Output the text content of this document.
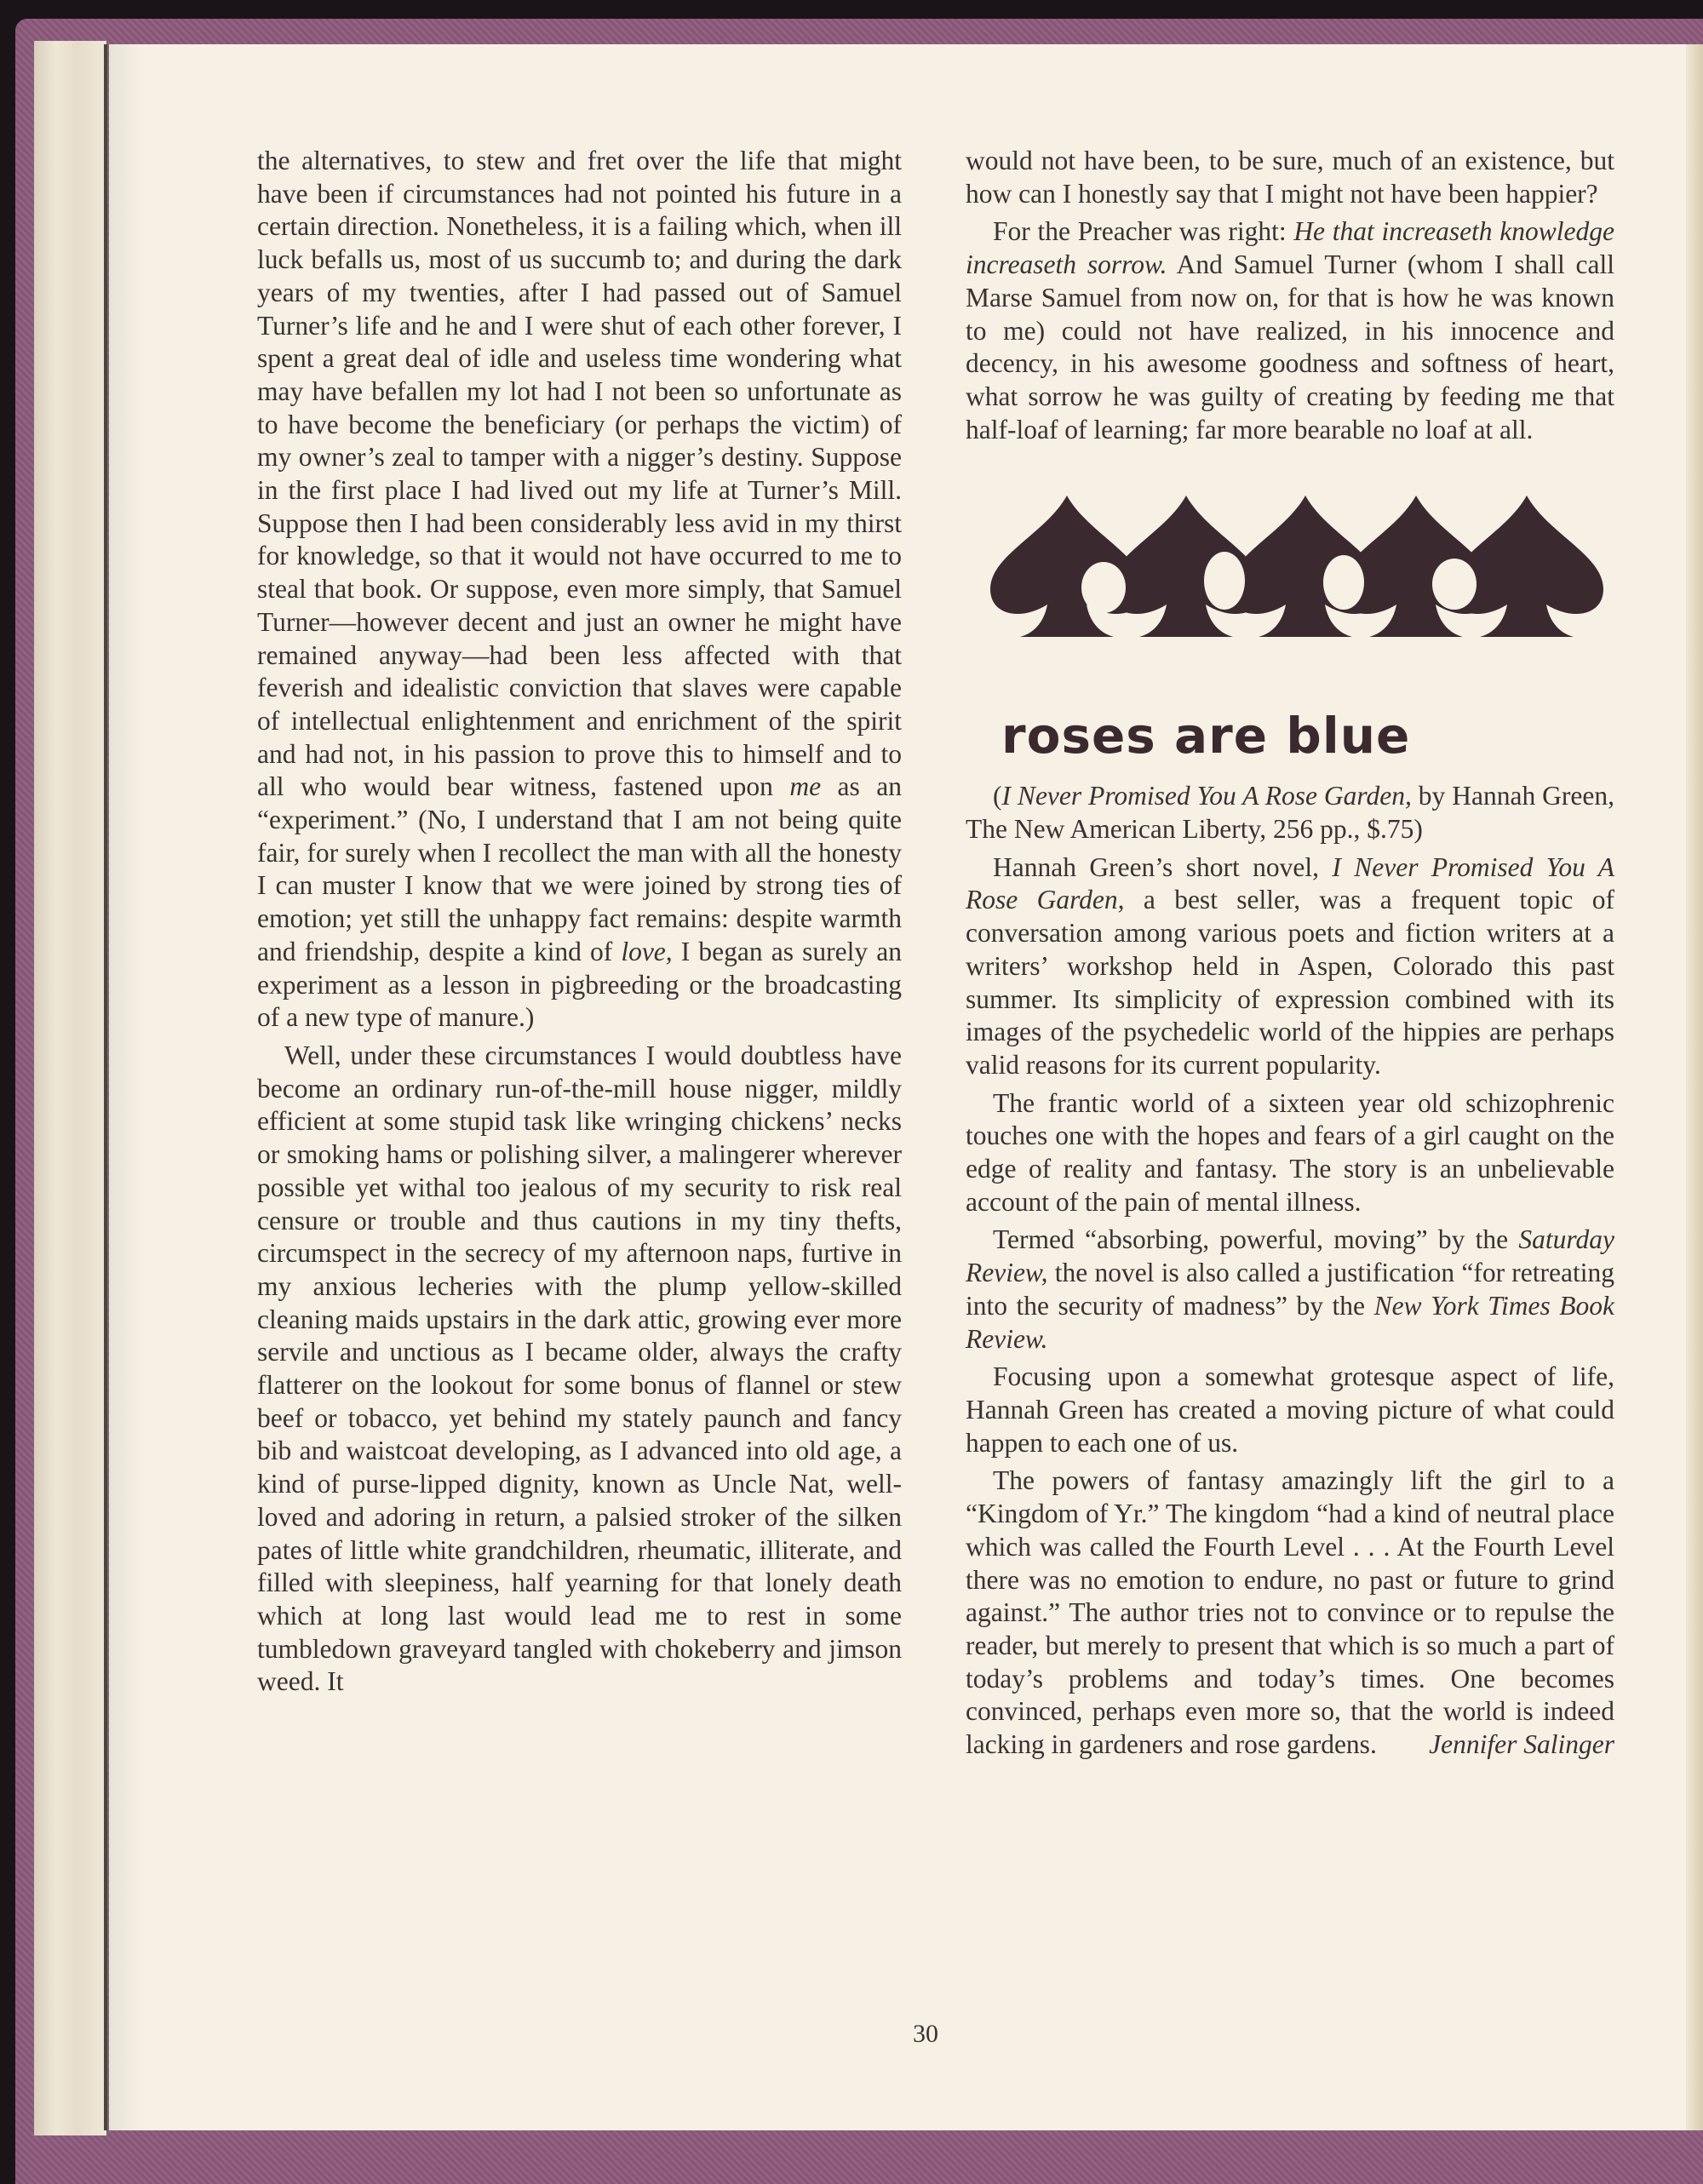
the alternatives, to stew and fret over the life that might have been if circumstances had not pointed his future in a certain direction. Nonetheless, it is a failing which, when ill luck befalls us, most of us succumb to; and during the dark years of my twenties, after I had passed out of Samuel Turner’s life and he and I were shut of each other forever, I spent a great deal of idle and useless time wondering what may have befallen my lot had I not been so unfortunate as to have become the beneficiary (or perhaps the victim) of my owner’s zeal to tamper with a nigger’s destiny. Suppose in the first place I had lived out my life at Turner’s Mill. Suppose then I had been considerably less avid in my thirst for knowledge, so that it would not have occurred to me to steal that book. Or suppose, even more simply, that Samuel Turner—however decent and just an owner he might have remained anyway—had been less affected with that feverish and idealistic conviction that slaves were capable of intellectual enlightenment and enrichment of the spirit and had not, in his passion to prove this to himself and to all who would bear witness, fastened upon me as an “experiment.” (No, I understand that I am not being quite fair, for surely when I recollect the man with all the honesty I can muster I know that we were joined by strong ties of emotion; yet still the unhappy fact remains: despite warmth and friendship, despite a kind of love, I began as surely an experiment as a lesson in pigbreeding or the broadcasting of a new type of manure.)

Well, under these circumstances I would doubtless have become an ordinary run-of-the-mill house nigger, mildly efficient at some stupid task like wringing chickens’ necks or smoking hams or polishing silver, a malingerer wherever possible yet withal too jealous of my security to risk real censure or trouble and thus cautions in my tiny thefts, circumspect in the secrecy of my afternoon naps, furtive in my anxious lecheries with the plump yellow-skilled cleaning maids upstairs in the dark attic, growing ever more servile and unctious as I became older, always the crafty flatterer on the lookout for some bonus of flannel or stew beef or tobacco, yet behind my stately paunch and fancy bib and waistcoat developing, as I advanced into old age, a kind of purse-lipped dignity, known as Uncle Nat, well-loved and adoring in return, a palsied stroker of the silken pates of little white grandchildren, rheumatic, illiterate, and filled with sleepiness, half yearning for that lonely death which at long last would lead me to rest in some tumbledown graveyard tangled with chokeberry and jimson weed. It

would not have been, to be sure, much of an existence, but how can I honestly say that I might not have been happier?

For the Preacher was right: He that increaseth knowledge increaseth sorrow. And Samuel Turner (whom I shall call Marse Samuel from now on, for that is how he was known to me) could not have realized, in his innocence and decency, in his awesome goodness and softness of heart, what sorrow he was guilty of creating by feeding me that half-loaf of learning; far more bearable no loaf at all.

roses are blue

(I Never Promised You A Rose Garden, by Hannah Green, The New American Liberty, 256 pp., $.75)

Hannah Green’s short novel, I Never Promised You A Rose Garden, a best seller, was a frequent topic of conversation among various poets and fiction writers at a writers’ workshop held in Aspen, Colorado this past summer. Its simplicity of expression combined with its images of the psychedelic world of the hippies are perhaps valid reasons for its current popularity.

The frantic world of a sixteen year old schizophrenic touches one with the hopes and fears of a girl caught on the edge of reality and fantasy. The story is an unbelievable account of the pain of mental illness.

Termed “absorbing, powerful, moving” by the Saturday Review, the novel is also called a justification “for retreating into the security of madness” by the New York Times Book Review.

Focusing upon a somewhat grotesque aspect of life, Hannah Green has created a moving picture of what could happen to each one of us.

The powers of fantasy amazingly lift the girl to a “Kingdom of Yr.” The kingdom “had a kind of neutral place which was called the Fourth Level . . . At the Fourth Level there was no emotion to endure, no past or future to grind against.” The author tries not to convince or to repulse the reader, but merely to present that which is so much a part of today’s problems and today’s times. One becomes convinced, perhaps even more so, that the world is indeed lacking in gardeners and rose gardens.	Jennifer Salinger

30
